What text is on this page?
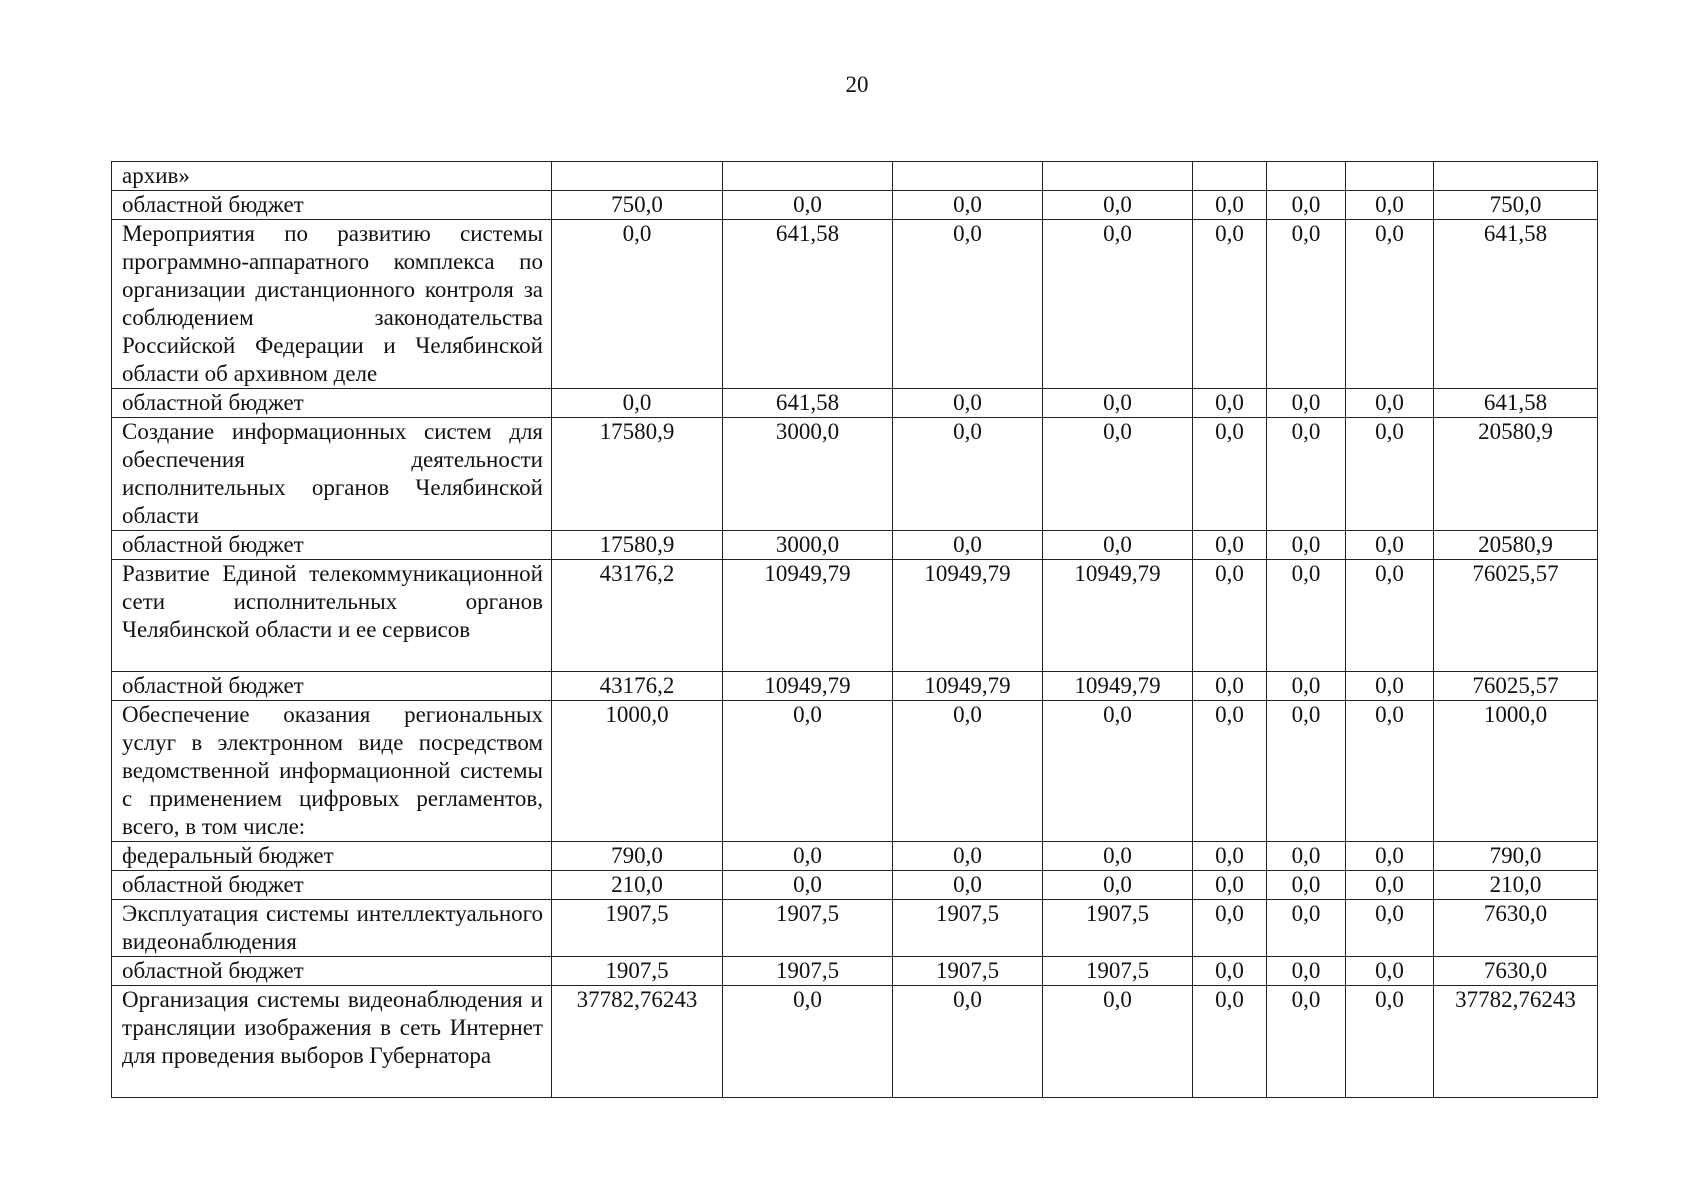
20
архив»								
областной бюджет	750,0	0,0	0,0	0,0	0,0	0,0	0,0	750,0
Мероприятия по развитию системы программно-аппаратного комплекса по организации дистанционного контроля за соблюдением законодательства Российской Федерации и Челябинской области об архивном деле	0,0	641,58	0,0	0,0	0,0	0,0	0,0	641,58
областной бюджет	0,0	641,58	0,0	0,0	0,0	0,0	0,0	641,58
Создание информационных систем для обеспечения деятельности исполнительных органов Челябинской области	17580,9	3000,0	0,0	0,0	0,0	0,0	0,0	20580,9
областной бюджет	17580,9	3000,0	0,0	0,0	0,0	0,0	0,0	20580,9
Развитие Единой телекоммуникационной сети исполнительных органов Челябинской области и ее сервисов	43176,2	10949,79	10949,79	10949,79	0,0	0,0	0,0	76025,57
областной бюджет	43176,2	10949,79	10949,79	10949,79	0,0	0,0	0,0	76025,57
Обеспечение оказания региональных услуг в электронном виде посредством ведомственной информационной системы с применением цифровых регламентов, всего, в том числе:	1000,0	0,0	0,0	0,0	0,0	0,0	0,0	1000,0
федеральный бюджет	790,0	0,0	0,0	0,0	0,0	0,0	0,0	790,0
областной бюджет	210,0	0,0	0,0	0,0	0,0	0,0	0,0	210,0
Эксплуатация системы интеллектуального видеонаблюдения	1907,5	1907,5	1907,5	1907,5	0,0	0,0	0,0	7630,0
областной бюджет	1907,5	1907,5	1907,5	1907,5	0,0	0,0	0,0	7630,0
Организация системы видеонаблюдения и трансляции изображения в сеть Интернет для проведения выборов Губернатора	37782,76243	0,0	0,0	0,0	0,0	0,0	0,0	37782,76243
